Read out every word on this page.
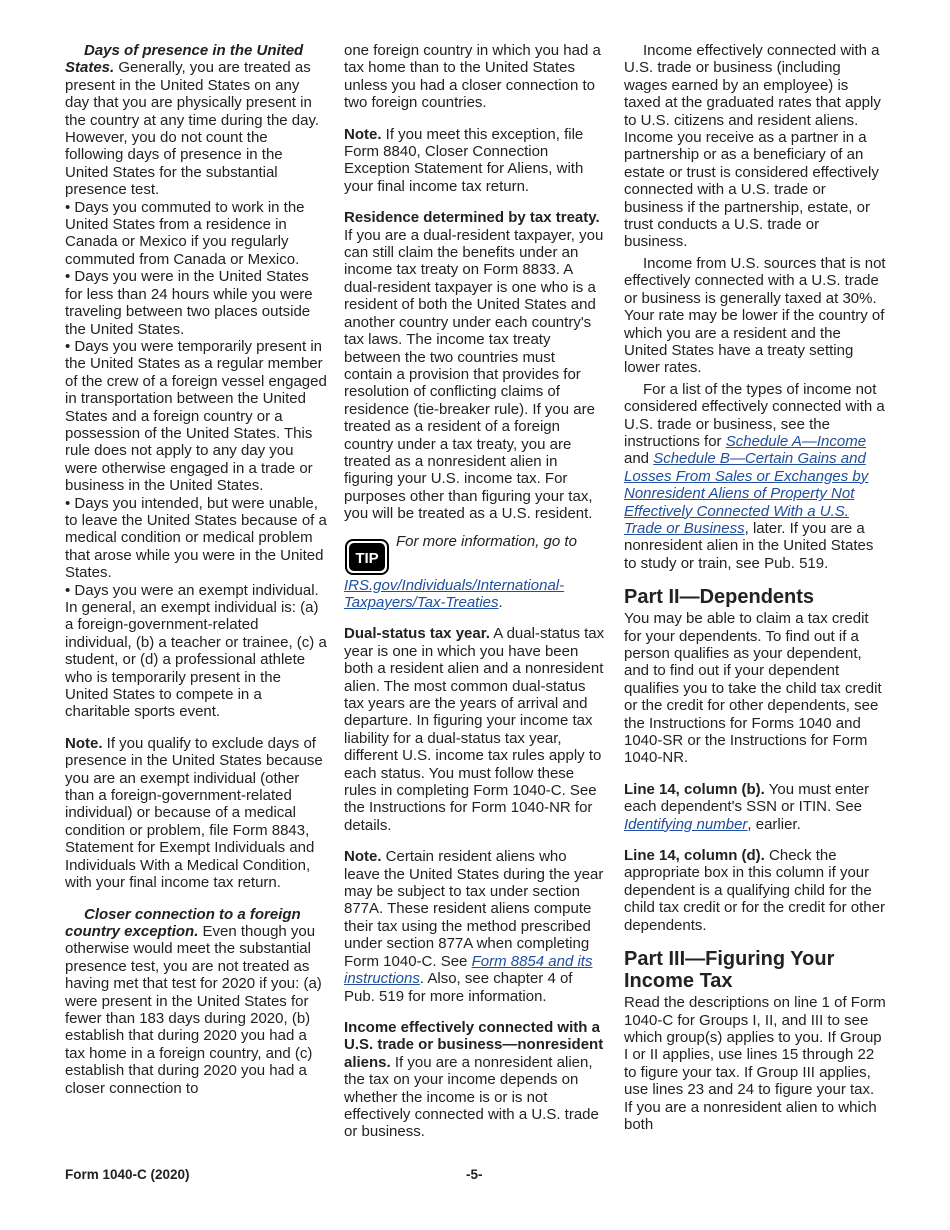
Days of presence in the United States. Generally, you are treated as present in the United States on any day that you are physically present in the country at any time during the day. However, you do not count the following days of presence in the United States for the substantial presence test.

• Days you commuted to work in the United States from a residence in Canada or Mexico if you regularly commuted from Canada or Mexico.

• Days you were in the United States for less than 24 hours while you were traveling between two places outside the United States.

• Days you were temporarily present in the United States as a regular member of the crew of a foreign vessel engaged in transportation between the United States and a foreign country or a possession of the United States. This rule does not apply to any day you were otherwise engaged in a trade or business in the United States.

• Days you intended, but were unable, to leave the United States because of a medical condition or medical problem that arose while you were in the United States.

• Days you were an exempt individual. In general, an exempt individual is: (a) a foreign-government-related individual, (b) a teacher or trainee, (c) a student, or (d) a professional athlete who is temporarily present in the United States to compete in a charitable sports event.

Note. If you qualify to exclude days of presence in the United States because you are an exempt individual (other than a foreign-government-related individual) or because of a medical condition or problem, file Form 8843, Statement for Exempt Individuals and Individuals With a Medical Condition, with your final income tax return.

Closer connection to a foreign country exception. Even though you otherwise would meet the substantial presence test, you are not treated as having met that test for 2020 if you: (a) were present in the United States for fewer than 183 days during 2020, (b) establish that during 2020 you had a tax home in a foreign country, and (c) establish that during 2020 you had a closer connection to

one foreign country in which you had a tax home than to the United States unless you had a closer connection to two foreign countries.

Note. If you meet this exception, file Form 8840, Closer Connection Exception Statement for Aliens, with your final income tax return.

Residence determined by tax treaty. If you are a dual-resident taxpayer, you can still claim the benefits under an income tax treaty on Form 8833. A dual-resident taxpayer is one who is a resident of both the United States and another country under each country's tax laws. The income tax treaty between the two countries must contain a provision that provides for resolution of conflicting claims of residence (tie-breaker rule). If you are treated as a resident of a foreign country under a tax treaty, you are treated as a nonresident alien in figuring your U.S. income tax. For purposes other than figuring your tax, you will be treated as a U.S. resident.

TIP
For more information, go to IRS.gov/Individuals/International-Taxpayers/Tax-Treaties.

Dual-status tax year. A dual-status tax year is one in which you have been both a resident alien and a nonresident alien. The most common dual-status tax years are the years of arrival and departure. In figuring your income tax liability for a dual-status tax year, different U.S. income tax rules apply to each status. You must follow these rules in completing Form 1040-C. See the Instructions for Form 1040-NR for details.

Note. Certain resident aliens who leave the United States during the year may be subject to tax under section 877A. These resident aliens compute their tax using the method prescribed under section 877A when completing Form 1040-C. See Form 8854 and its instructions. Also, see chapter 4 of Pub. 519 for more information.

Income effectively connected with a U.S. trade or business—nonresident aliens. If you are a nonresident alien, the tax on your income depends on whether the income is or is not effectively connected with a U.S. trade or business.

Income effectively connected with a U.S. trade or business (including wages earned by an employee) is taxed at the graduated rates that apply to U.S. citizens and resident aliens. Income you receive as a partner in a partnership or as a beneficiary of an estate or trust is considered effectively connected with a U.S. trade or business if the partnership, estate, or trust conducts a U.S. trade or business.

Income from U.S. sources that is not effectively connected with a U.S. trade or business is generally taxed at 30%. Your rate may be lower if the country of which you are a resident and the United States have a treaty setting lower rates.

For a list of the types of income not considered effectively connected with a U.S. trade or business, see the instructions for Schedule A—Income and Schedule B—Certain Gains and Losses From Sales or Exchanges by Nonresident Aliens of Property Not Effectively Connected With a U.S. Trade or Business, later. If you are a nonresident alien in the United States to study or train, see Pub. 519.

Part II—Dependents

You may be able to claim a tax credit for your dependents. To find out if a person qualifies as your dependent, and to find out if your dependent qualifies you to take the child tax credit or the credit for other dependents, see the Instructions for Forms 1040 and 1040-SR or the Instructions for Form 1040-NR.

Line 14, column (b). You must enter each dependent's SSN or ITIN. See Identifying number, earlier.

Line 14, column (d). Check the appropriate box in this column if your dependent is a qualifying child for the child tax credit or for the credit for other dependents.

Part III—Figuring Your Income Tax

Read the descriptions on line 1 of Form 1040-C for Groups I, II, and III to see which group(s) applies to you. If Group I or II applies, use lines 15 through 22 to figure your tax. If Group III applies, use lines 23 and 24 to figure your tax. If you are a nonresident alien to which both

Form 1040-C (2020)	-5-
